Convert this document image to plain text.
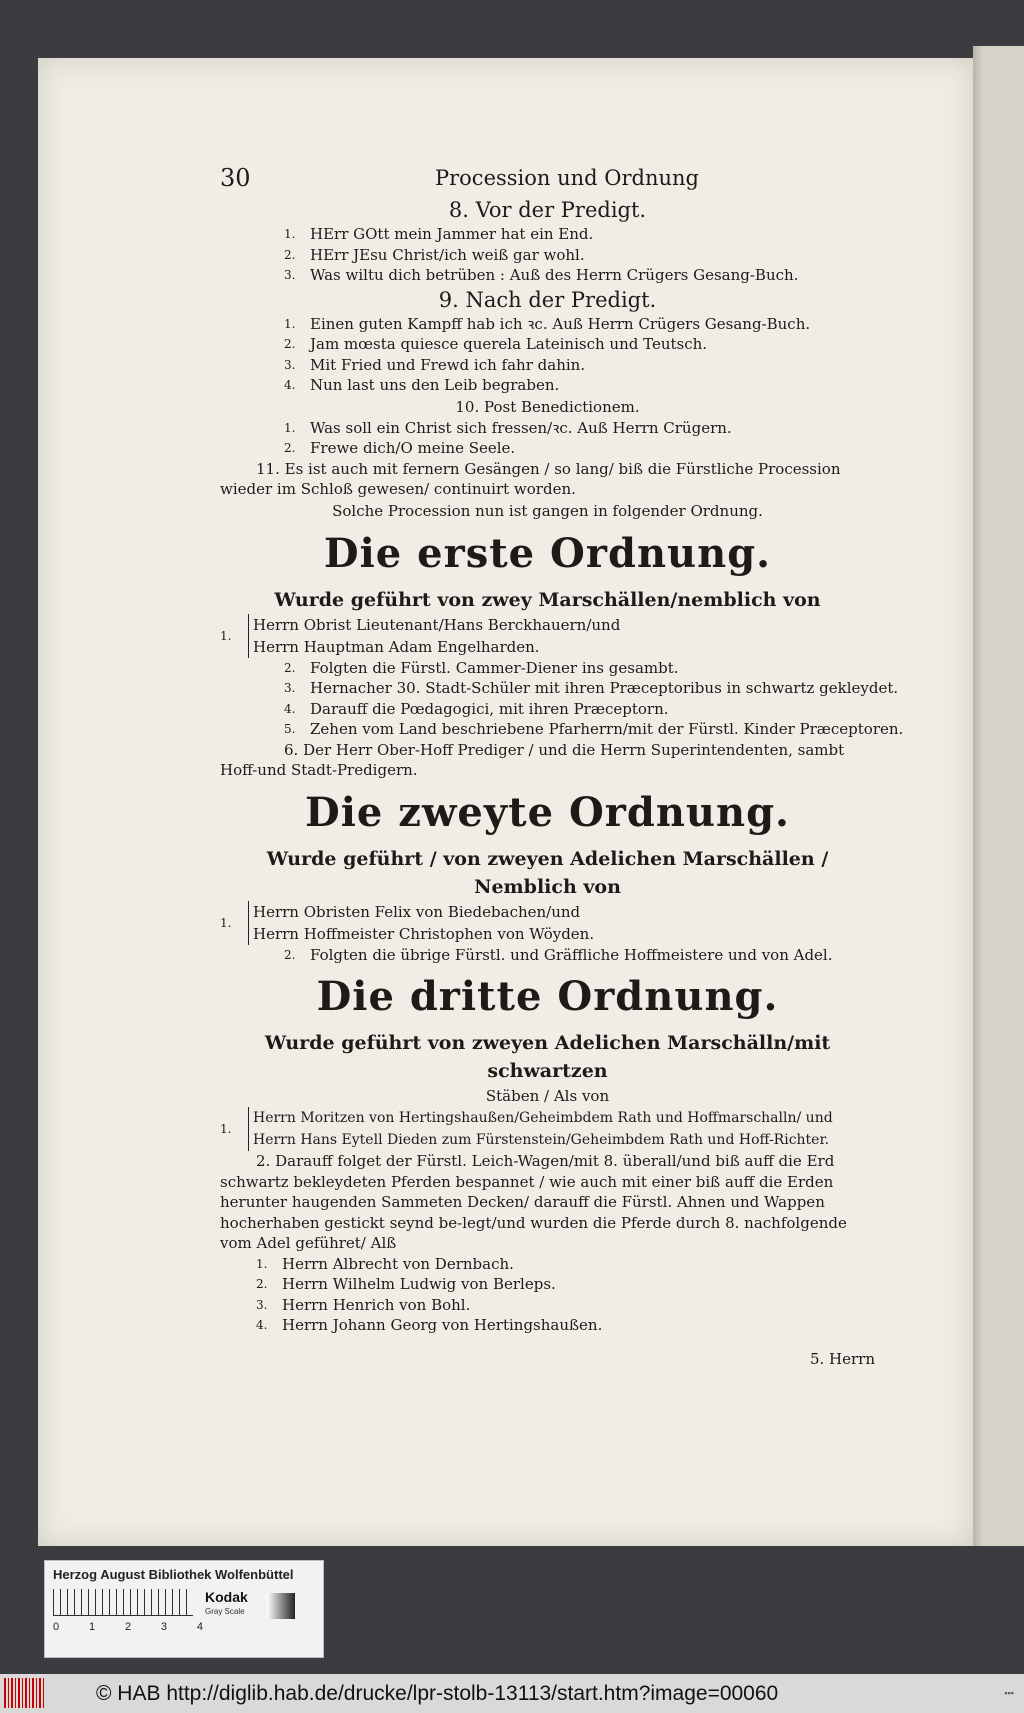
30	Procession und Ordnung
8. Vor der Predigt.
1. HErr GOtt mein Jammer hat ein End.
2. HErr JEsu Christ/ich weiß gar wohl.
3. Was wiltu dich betrüben : Auß des Herrn Crügers Gesang-Buch.
9. Nach der Predigt.
1. Einen guten Kampff hab ich ꝛc. Auß Herrn Crügers Gesang-Buch.
2. Jam mœsta quiesce querela Lateinisch und Teutsch.
3. Mit Fried und Frewd ich fahr dahin.
4. Nun last uns den Leib begraben.
10. Post Benedictionem.
1. Was soll ein Christ sich fressen/ꝛc. Auß Herrn Crügern.
2. Frewe dich/O meine Seele.
11. Es ist auch mit fernern Gesängen / so lang/ biß die Fürstliche Procession wieder im Schloß gewesen/ continuirt worden.
Solche Procession nun ist gangen in folgender Ordnung.
Die erste Ordnung.
Wurde geführt von zwey Marschällen/nemblich von
1.
Herrn Obrist Lieutenant/Hans Berckhauern/und
Herrn Hauptman Adam Engelharden.
2. Folgten die Fürstl. Cammer-Diener ins gesambt.
3. Hernacher 30. Stadt-Schüler mit ihren Præceptoribus in schwartz gekleydet.
4. Darauff die Pœdagogici, mit ihren Præceptorn.
5. Zehen vom Land beschriebene Pfarherrn/mit der Fürstl. Kinder Præceptoren.
6. Der Herr Ober-Hoff Prediger / und die Herrn Superintendenten, sambt Hoff-und Stadt-Predigern.
Die zweyte Ordnung.
Wurde geführt / von zweyen Adelichen Marschällen / Nemblich von
1.
Herrn Obristen Felix von Biedebachen/und
Herrn Hoffmeister Christophen von Wöyden.
2. Folgten die übrige Fürstl. und Gräffliche Hoffmeistere und von Adel.
Die dritte Ordnung.
Wurde geführt von zweyen Adelichen Marschälln/mit schwartzen
Stäben / Als von
1.
Herrn Moritzen von Hertingshaußen/Geheimbdem Rath und Hoffmarschalln/ und
Herrn Hans Eytell Dieden zum Fürstenstein/Geheimbdem Rath und Hoff-Richter.
2. Darauff folget der Fürstl. Leich-Wagen/mit 8. überall/und biß auff die Erd schwartz bekleydeten Pferden bespannet / wie auch mit einer biß auff die Erden herunter haugenden Sammeten Decken/ darauff die Fürstl. Ahnen und Wappen hocherhaben gestickt seynd be-legt/und wurden die Pferde durch 8. nachfolgende vom Adel geführet/ Alß
1. Herrn Albrecht von Dernbach.
2. Herrn Wilhelm Ludwig von Berleps.
3. Herrn Henrich von Bohl.
4. Herrn Johann Georg von Hertingshaußen.
5. Herrn
Herzog August Bibliothek Wolfenbüttel
0	1	2	3	4
Kodak
Gray Scale
© HAB http://diglib.hab.de/drucke/lpr-stolb-13113/start.htm?image=00060	▪▪▪
